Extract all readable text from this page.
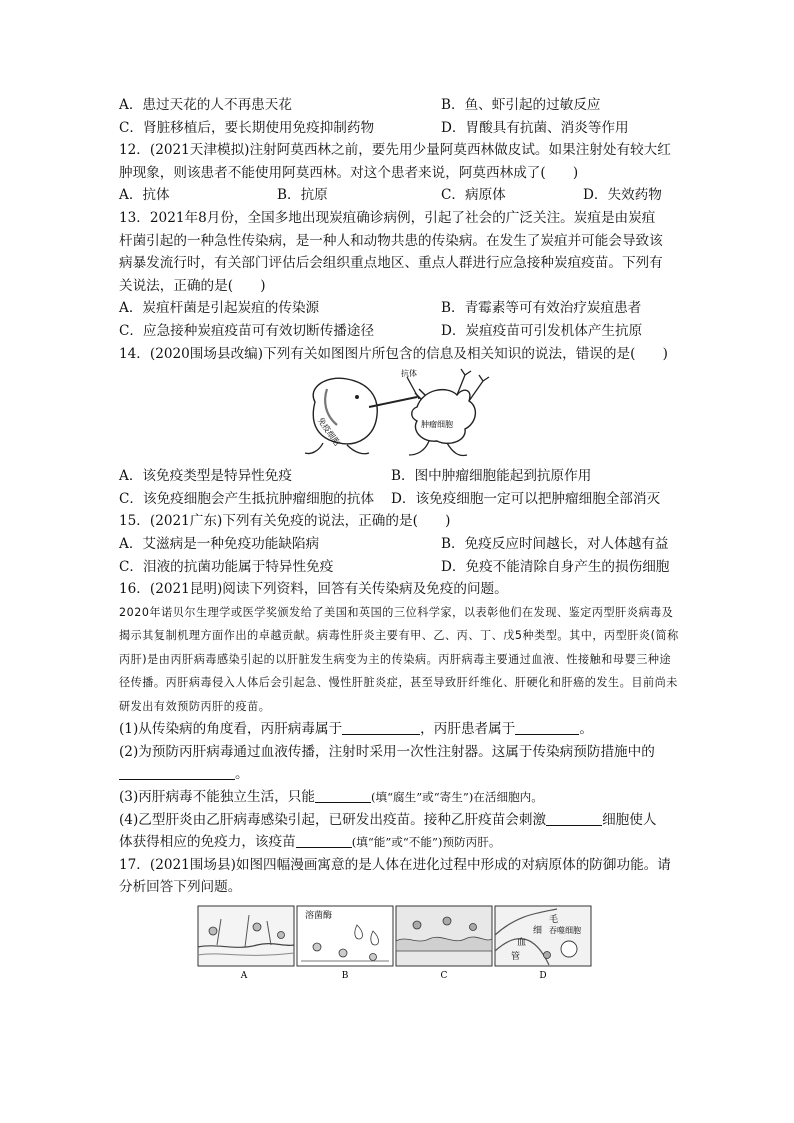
A．患过天花的人不再患天花	B．鱼、虾引起的过敏反应
C．肾脏移植后，要长期使用免疫抑制药物	D．胃酸具有抗菌、消炎等作用
12．(2021天津模拟)注射阿莫西林之前，要先用少量阿莫西林做皮试。如果注射处有较大红
肿现象，则该患者不能使用阿莫西林。对这个患者来说，阿莫西林成了(　　)
A．抗体	B．抗原	C．病原体	D．失效药物
13．2021年8月份，全国多地出现炭疽确诊病例，引起了社会的广泛关注。炭疽是由炭疽
杆菌引起的一种急性传染病，是一种人和动物共患的传染病。在发生了炭疽并可能会导致该
病暴发流行时，有关部门评估后会组织重点地区、重点人群进行应急接种炭疽疫苗。下列有
关说法，正确的是(　　)
A．炭疽杆菌是引起炭疽的传染源	B．青霉素等可有效治疗炭疽患者
C．应急接种炭疽疫苗可有效切断传播途径	D．炭疽疫苗可引发机体产生抗原
14．(2020围场县改编)下列有关如图图片所包含的信息及相关知识的说法，错误的是(　　)
免疫细胞
抗体
肿瘤细胞
A．该免疫类型是特异性免疫	B．图中肿瘤细胞能起到抗原作用
C．该免疫细胞会产生抵抗肿瘤细胞的抗体 D．该免疫细胞一定可以把肿瘤细胞全部消灭
15．(2021广东)下列有关免疫的说法，正确的是(　　)
A．艾滋病是一种免疫功能缺陷病	B．免疫反应时间越长，对人体越有益
C．泪液的抗菌功能属于特异性免疫	D．免疫不能清除自身产生的损伤细胞
16．(2021昆明)阅读下列资料，回答有关传染病及免疫的问题。
2020年诺贝尔生理学或医学奖颁发给了美国和英国的三位科学家，以表彰他们在发现、鉴定丙型肝炎病毒及揭示其复制机理方面作出的卓越贡献。病毒性肝炎主要有甲、乙、丙、丁、戊5种类型。其中，丙型肝炎(简称丙肝)是由丙肝病毒感染引起的以肝脏发生病变为主的传染病。丙肝病毒主要通过血液、性接触和母婴三种途径传播。丙肝病毒侵入人体后会引起急、慢性肝脏炎症，甚至导致肝纤维化、肝硬化和肝癌的发生。目前尚未研发出有效预防丙肝的疫苗。
(1)从传染病的角度看，丙肝病毒属于	，丙肝患者属于	。
(2)为预防丙肝病毒通过血液传播，注射时采用一次性注射器。这属于传染病预防措施中的
。
(3)丙肝病毒不能独立生活，只能	(填“腐生”或“寄生”)在活细胞内。
(4)乙型肝炎由乙肝病毒感染引起，已研发出疫苗。接种乙肝疫苗会刺激	细胞使人
体获得相应的免疫力，该疫苗	(填“能”或“不能”)预防丙肝。
17．(2021围场县)如图四幅漫画寓意的是人体在进化过程中形成的对病原体的防御功能。请
分析回答下列问题。
溶菌酶	毛
细
血
管
吞噬细胞
A	B	C	D
